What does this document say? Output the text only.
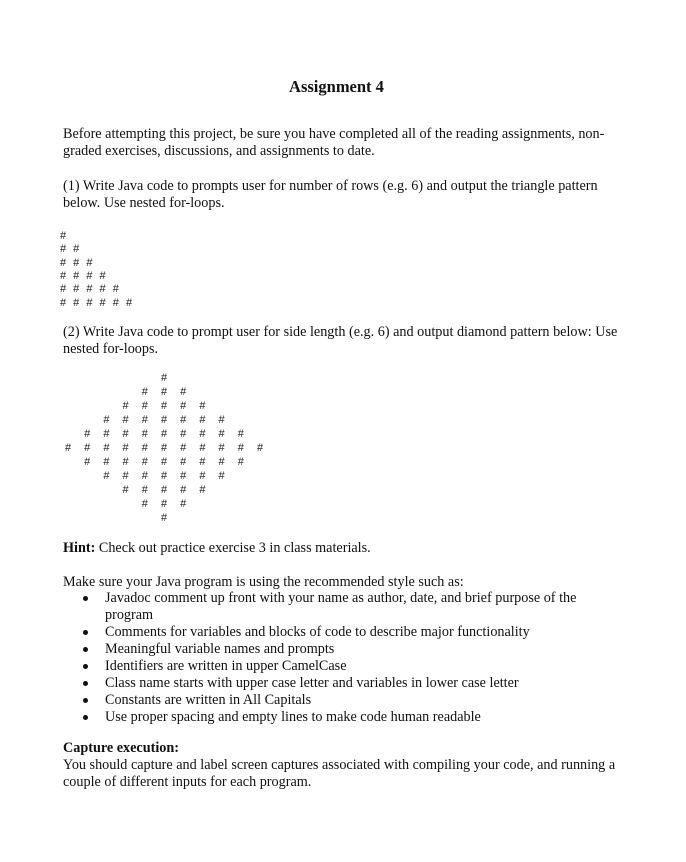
Assignment 4

Before attempting this project, be sure you have completed all of the reading assignments, non-graded exercises, discussions, and assignments to date.

(1) Write Java code to prompts user for number of rows (e.g. 6) and output the triangle pattern below. Use nested for-loops.

#
# #
# # #
# # # #
# # # # #
# # # # # #

(2) Write Java code to prompt user for side length (e.g. 6) and output diamond pattern below: Use nested for-loops.

#
# # #
# # # # #
# # # # # # #
# # # # # # # # #
# # # # # # # # # # #
# # # # # # # # #
# # # # # # #
# # # # #
# # #
#

Hint: Check out practice exercise 3 in class materials.

Make sure your Java program is using the recommended style such as:

Javadoc comment up front with your name as author, date, and brief purpose of the program
Comments for variables and blocks of code to describe major functionality
Meaningful variable names and prompts
Identifiers are written in upper CamelCase
Class name starts with upper case letter and variables in lower case letter
Constants are written in All Capitals
Use proper spacing and empty lines to make code human readable

Capture execution:

You should capture and label screen captures associated with compiling your code, and running a couple of different inputs for each program.
